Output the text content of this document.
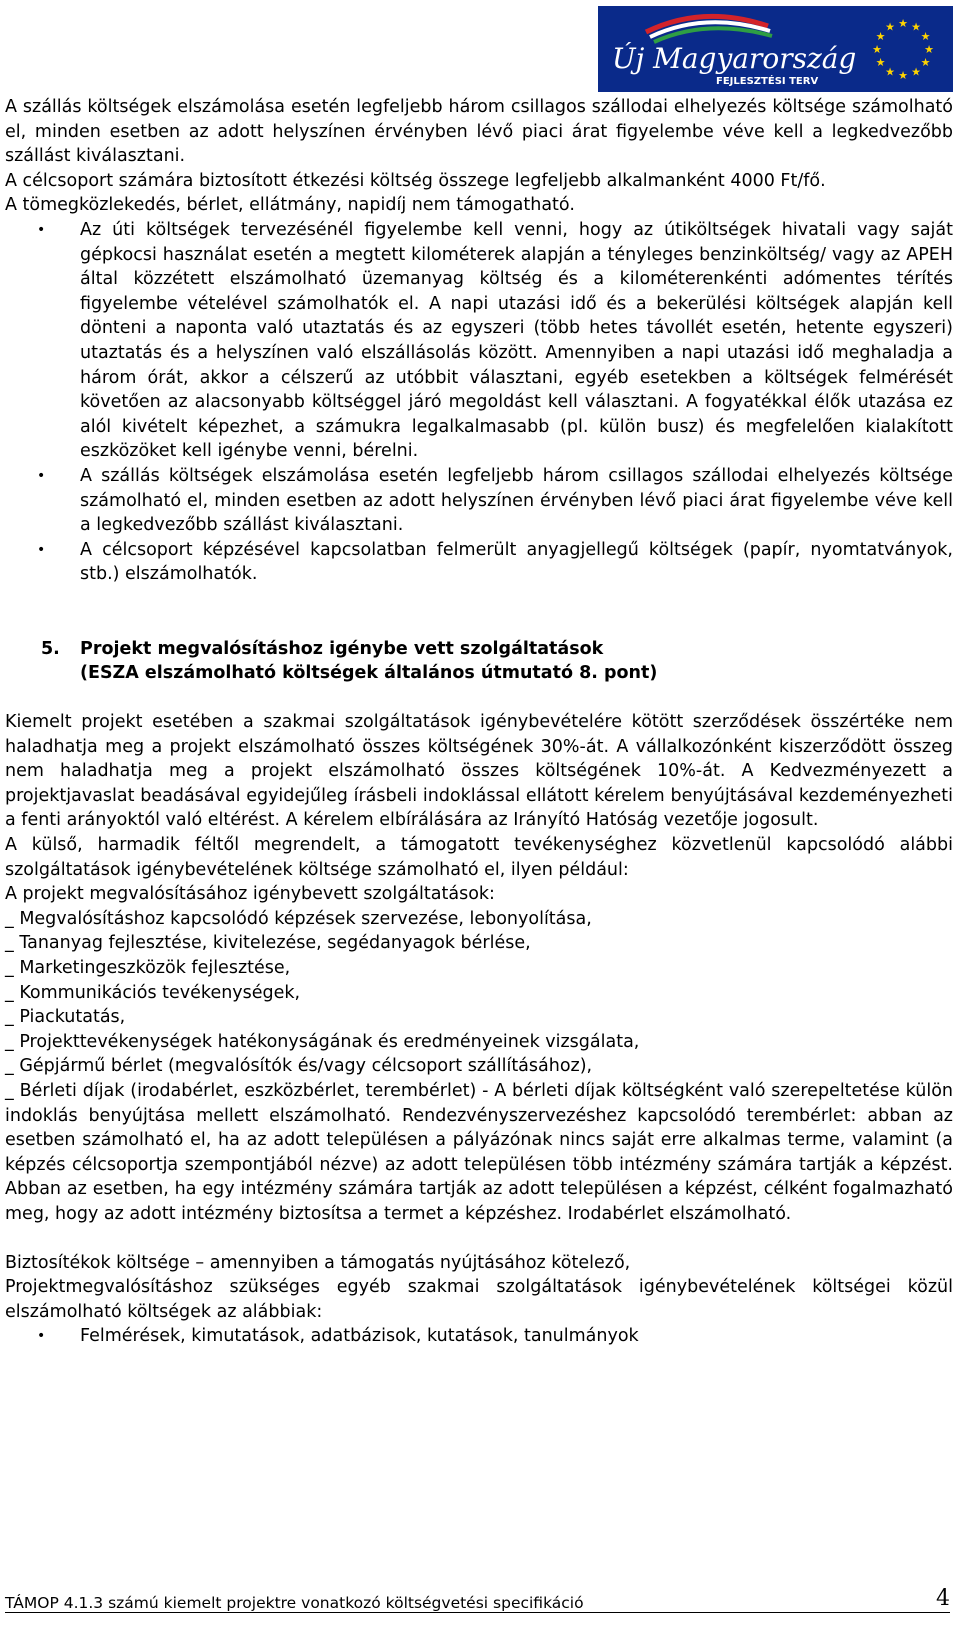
Új Magyarország
FEJLESZTÉSI TERV
★ ★
★
★
★
★
★
★
★
★
★
★

A szállás költségek elszámolása esetén legfeljebb három csillagos szállodai elhelyezés költsége számolható el, minden esetben az adott helyszínen érvényben lévő piaci árat figyelembe véve kell a legkedvezőbb szállást kiválasztani.

A célcsoport számára biztosított étkezési költség összege legfeljebb alkalmanként 4000 Ft/fő.

A tömegközlekedés, bérlet, ellátmány, napidíj nem támogatható.

• Az úti költségek tervezésénél figyelembe kell venni, hogy az útiköltségek hivatali vagy saját gépkocsi használat esetén a megtett kilométerek alapján a tényleges benzinköltség/ vagy az APEH által közzétett elszámolható üzemanyag költség és a kilométerenkénti adómentes térítés figyelembe vételével számolhatók el. A napi utazási idő és a bekerülési költségek alapján kell dönteni a naponta való utaztatás és az egyszeri (több hetes távollét esetén, hetente egyszeri) utaztatás és a helyszínen való elszállásolás között. Amennyiben a napi utazási idő meghaladja a három órát, akkor a célszerű az utóbbit választani, egyéb esetekben a költségek felmérését követően az alacsonyabb költséggel járó megoldást kell választani. A fogyatékkal élők utazása ez alól kivételt képezhet, a számukra legalkalmasabb (pl. külön busz) és megfelelően kialakított eszközöket kell igénybe venni, bérelni.
• A szállás költségek elszámolása esetén legfeljebb három csillagos szállodai elhelyezés költsége számolható el, minden esetben az adott helyszínen érvényben lévő piaci árat figyelembe véve kell a legkedvezőbb szállást kiválasztani.
• A célcsoport képzésével kapcsolatban felmerült anyagjellegű költségek (papír, nyomtatványok, stb.) elszámolhatók.
5. Projekt megvalósításhoz igénybe vett szolgáltatások
(ESZA elszámolható költségek általános útmutató 8. pont)

Kiemelt projekt esetében a szakmai szolgáltatások igénybevételére kötött szerződések összértéke nem haladhatja meg a projekt elszámolható összes költségének 30%-át. A vállalkozónként kiszerződött összeg nem haladhatja meg a projekt elszámolható összes költségének 10%-át. A Kedvezményezett a projektjavaslat beadásával egyidejűleg írásbeli indoklással ellátott kérelem benyújtásával kezdeményezheti a fenti arányoktól való eltérést. A kérelem elbírálására az Irányító Hatóság vezetője jogosult.

A külső, harmadik féltől megrendelt, a támogatott tevékenységhez közvetlenül kapcsolódó alábbi szolgáltatások igénybevételének költsége számolható el, ilyen például:

A projekt megvalósításához igénybevett szolgáltatások:

_ Megvalósításhoz kapcsolódó képzések szervezése, lebonyolítása,

_ Tananyag fejlesztése, kivitelezése, segédanyagok bérlése,

_ Marketingeszközök fejlesztése,

_ Kommunikációs tevékenységek,

_ Piackutatás,

_ Projekttevékenységek hatékonyságának és eredményeinek vizsgálata,

_ Gépjármű bérlet (megvalósítók és/vagy célcsoport szállításához),

_ Bérleti díjak (irodabérlet, eszközbérlet, terembérlet) - A bérleti díjak költségként való szerepeltetése külön indoklás benyújtása mellett elszámolható. Rendezvényszervezéshez kapcsolódó terembérlet: abban az esetben számolható el, ha az adott településen a pályázónak nincs saját erre alkalmas terme, valamint (a képzés célcsoportja szempontjából nézve) az adott településen több intézmény számára tartják a képzést. Abban az esetben, ha egy intézmény számára tartják az adott településen a képzést, célként fogalmazható meg, hogy az adott intézmény biztosítsa a termet a képzéshez. Irodabérlet elszámolható.

Biztosítékok költsége – amennyiben a támogatás nyújtásához kötelező,

Projektmegvalósításhoz szükséges egyéb szakmai szolgáltatások igénybevételének költségei közül elszámolható költségek az alábbiak:

• Felmérések, kimutatások, adatbázisok, kutatások, tanulmányok
TÁMOP 4.1.3 számú kiemelt projektre vonatkozó költségvetési specifikáció	4
